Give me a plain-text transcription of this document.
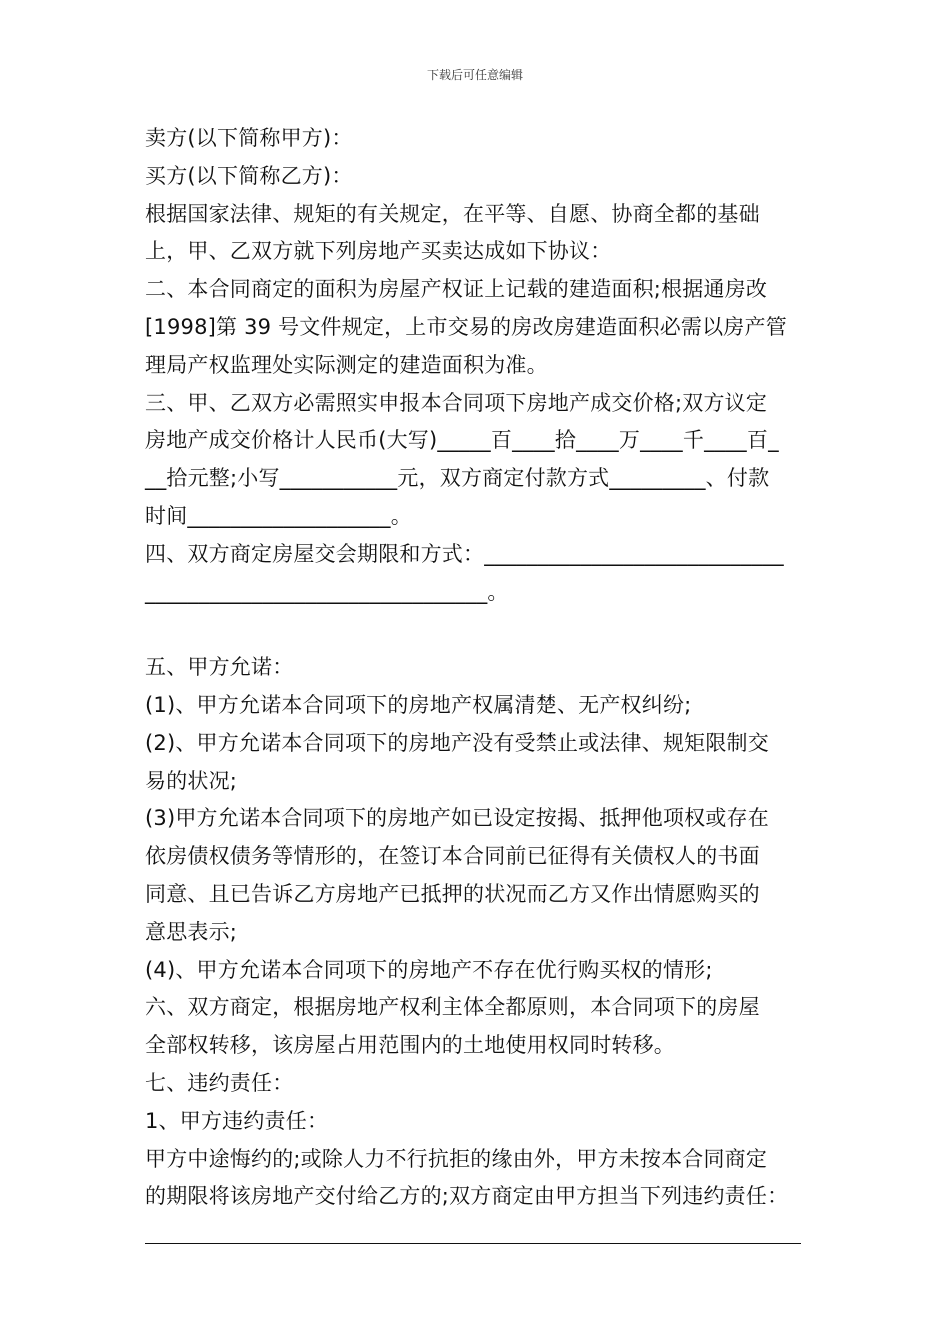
下载后可任意编辑
卖方(以下简称甲方)：
买方(以下简称乙方)：
根据国家法律、规矩的有关规定，在平等、自愿、协商全都的基础
上，甲、乙双方就下列房地产买卖达成如下协议：
二、本合同商定的面积为房屋产权证上记载的建造面积;根据通房改
[1998]第 39 号文件规定，上市交易的房改房建造面积必需以房产管
理局产权监理处实际测定的建造面积为准。
三、甲、乙双方必需照实申报本合同项下房地产成交价格;双方议定
房地产成交价格计人民币(大写)_____百____拾____万____千____百_
__拾元整;小写___________元，双方商定付款方式_________、付款
时间___________________。
四、双方商定房屋交会期限和方式：____________________________
________________________________。
五、甲方允诺：
(1)、甲方允诺本合同项下的房地产权属清楚、无产权纠纷;
(2)、甲方允诺本合同项下的房地产没有受禁止或法律、规矩限制交
易的状况;
(3)甲方允诺本合同项下的房地产如已设定按揭、抵押他项权或存在
依房债权债务等情形的，在签订本合同前已征得有关债权人的书面
同意、且已告诉乙方房地产已抵押的状况而乙方又作出情愿购买的
意思表示;
(4)、甲方允诺本合同项下的房地产不存在优行购买权的情形;
六、双方商定，根据房地产权利主体全都原则，本合同项下的房屋
全部权转移，该房屋占用范围内的土地使用权同时转移。
七、违约责任：
1、甲方违约责任：
甲方中途悔约的;或除人力不行抗拒的缘由外，甲方未按本合同商定
的期限将该房地产交付给乙方的;双方商定由甲方担当下列违约责任：
